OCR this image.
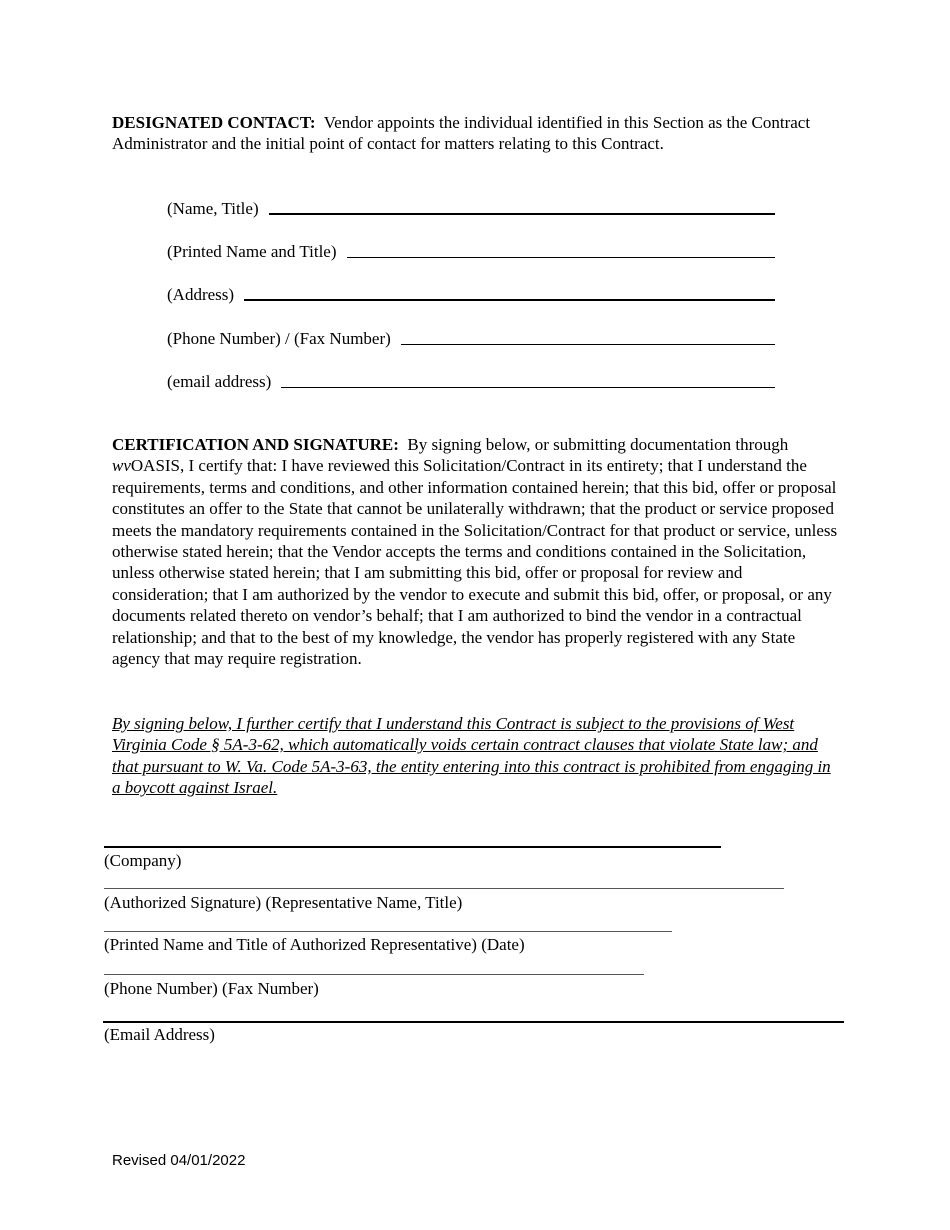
DESIGNATED CONTACT: Vendor appoints the individual identified in this Section as the Contract Administrator and the initial point of contact for matters relating to this Contract.

(Name, Title)
(Printed Name and Title)
(Address)
(Phone Number) / (Fax Number)
(email address)

CERTIFICATION AND SIGNATURE: By signing below, or submitting documentation through wvOASIS, I certify that: I have reviewed this Solicitation/Contract in its entirety; that I understand the requirements, terms and conditions, and other information contained herein; that this bid, offer or proposal constitutes an offer to the State that cannot be unilaterally withdrawn; that the product or service proposed meets the mandatory requirements contained in the Solicitation/Contract for that product or service, unless otherwise stated herein; that the Vendor accepts the terms and conditions contained in the Solicitation, unless otherwise stated herein; that I am submitting this bid, offer or proposal for review and consideration; that I am authorized by the vendor to execute and submit this bid, offer, or proposal, or any documents related thereto on vendor’s behalf; that I am authorized to bind the vendor in a contractual relationship; and that to the best of my knowledge, the vendor has properly registered with any State agency that may require registration.

By signing below, I further certify that I understand this Contract is subject to the provisions of West Virginia Code § 5A-3-62, which automatically voids certain contract clauses that violate State law; and that pursuant to W. Va. Code 5A-3-63, the entity entering into this contract is prohibited from engaging in a boycott against Israel.

(Company)
(Authorized Signature) (Representative Name, Title)
(Printed Name and Title of Authorized Representative) (Date)
(Phone Number) (Fax Number)
(Email Address)
Revised 04/01/2022
